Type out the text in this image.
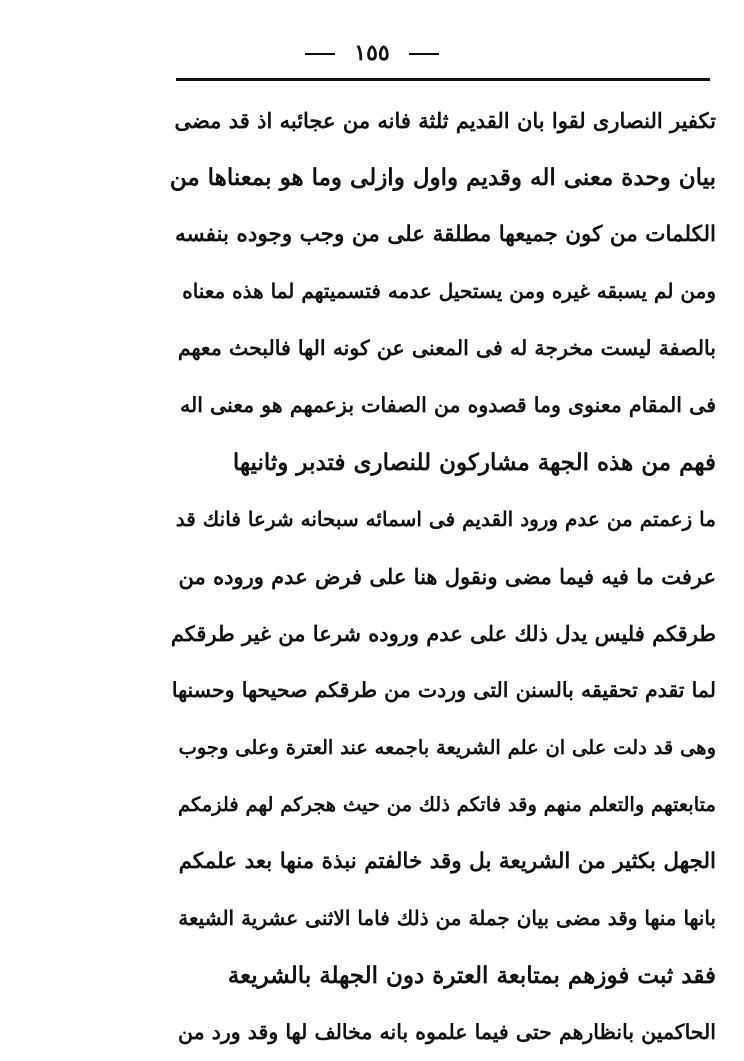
١٥٥
تكفير النصارى لقوا بان القديم ثلثة فانه من عجائبه اذ قد مضى
بيان وحدة معنى اله وقديم واول وازلى وما هو بمعناها من
الكلمات من كون جميعها مطلقة على من وجب وجوده بنفسه
ومن لم يسبقه غيره ومن يستحيل عدمه فتسميتهم لما هذه معناه
بالصفة ليست مخرجة له فى المعنى عن كونه الها فالبحث معهم
فى المقام معنوى وما قصدوه من الصفات بزعمهم هو معنى اله
فهم من هذه الجهة مشاركون للنصارى فتدبر وثانيها
ما زعمتم من عدم ورود القديم فى اسمائه سبحانه شرعا فانك قد
عرفت ما فيه فيما مضى ونقول هنا على فرض عدم وروده من
طرقكم فليس يدل ذلك على عدم وروده شرعا من غير طرقكم
لما تقدم تحقيقه بالسنن التى وردت من طرقكم صحيحها وحسنها
وهى قد دلت على ان علم الشريعة باجمعه عند العترة وعلى وجوب
متابعتهم والتعلم منهم وقد فاتكم ذلك من حيث هجركم لهم فلزمكم
الجهل بكثير من الشريعة بل وقد خالفتم نبذة منها بعد علمكم
بانها منها وقد مضى بيان جملة من ذلك فاما الاثنى عشرية الشيعة
فقد ثبت فوزهم بمتابعة العترة دون الجهلة بالشريعة
الحاكمين بانظارهم حتى فيما علموه بانه مخالف لها وقد ورد من
